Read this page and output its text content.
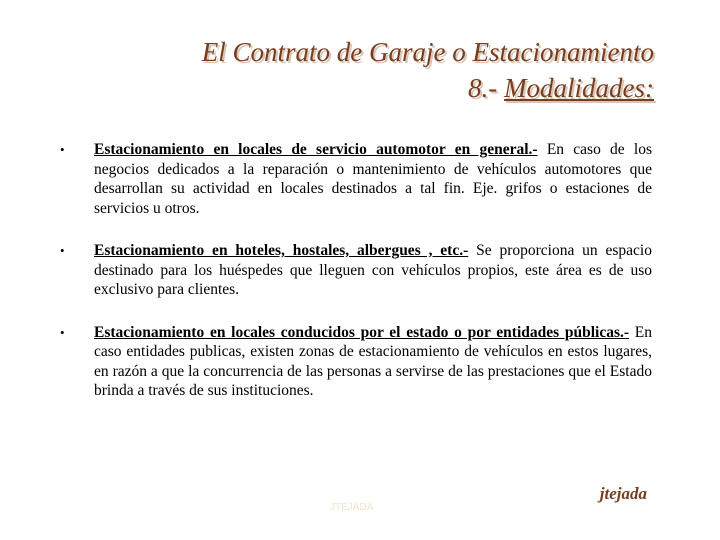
El Contrato de Garaje o Estacionamiento
8.- Modalidades:
• Estacionamiento en locales de servicio automotor en general.- En caso de los negocios dedicados a la reparación o mantenimiento de vehículos automotores que desarrollan su actividad en locales destinados a tal fin. Eje. grifos o estaciones de servicios u otros.
• Estacionamiento en hoteles, hostales, albergues , etc.- Se proporciona un espacio destinado para los huéspedes que lleguen con vehículos propios, este área es de uso exclusivo para clientes.
• Estacionamiento en locales conducidos por el estado o por entidades públicas.- En caso entidades publicas, existen zonas de estacionamiento de vehículos en estos lugares, en razón a que la concurrencia de las personas a servirse de las prestaciones que el Estado brinda a través de sus instituciones.
JTEJADA
jtejada
